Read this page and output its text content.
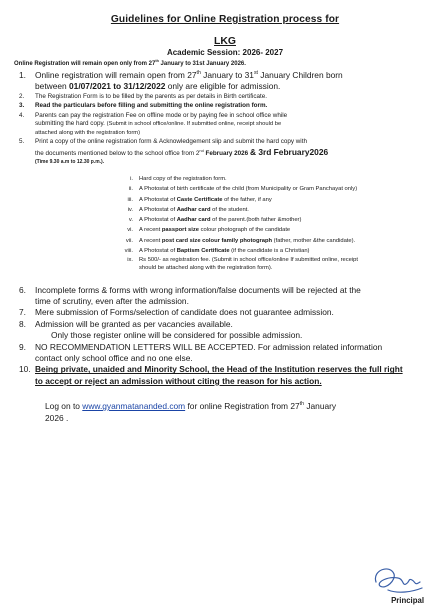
Guidelines for Online Registration process for

LKG

Academic Session: 2026- 2027

Online Registration will remain open only from 27th January to 31st January 2026.

1. Online registration will remain open from 27th January to 31st January Children born
between 01/07/2021 to 31/12/2022 only are eligible for admission.
2. The Registration Form is to be filled by the parents as per details in Birth certificate.
3. Read the particulars before filling and submitting the online registration form.
4. Parents can pay the registration Fee on offline mode or by paying fee in school office while
submitting the hard copy. (Submit in school office/online. If submitted online, receipt should be
attached along with the registration form)
5. Print a copy of the online registration form & Acknowledgement slip and submit the hard copy with
the documents mentioned below to the school office from 2nd February 2026 & 3rd February2026
(Time 9.30 a.m to 12.30 p.m.).
i. Hard copy of the registration form.
ii. A Photostat of birth certificate of the child (from Municipality or Gram Panchayat only)
iii. A Photostat of Caste Certificate of the father, if any
iv. A Photostat of Aadhar card of the student.
v. A Photostat of Aadhar card of the parent.(both father &mother)
vi. A recent passport size colour photograph of the candidate
vii. A recent post card size colour family photograph (father, mother &the candidate).
viii. A Photostat of Baptism Certificate (if the candidate is a Christian)
ix. Rs 500/- as registration fee. (Submit in school office/online If submitted online, receipt
should be attached along with the registration form).
6. Incomplete forms & forms with wrong information/false documents will be rejected at the
time of scrutiny, even after the admission.
7. Mere submission of Forms/selection of candidate does not guarantee admission.
8. Admission will be granted as per vacancies available.
Only those register online will be considered for possible admission.
9. NO RECOMMENDATION LETTERS WILL BE ACCEPTED. For admission related information
contact only school office and no one else.
10. Being private, unaided and Minority School, the Head of the Institution reserves the full right
to accept or reject an admission without citing the reason for his action.

Log on to www.gyanmatananded.com for online Registration from 27th January
2026 .

Principal
